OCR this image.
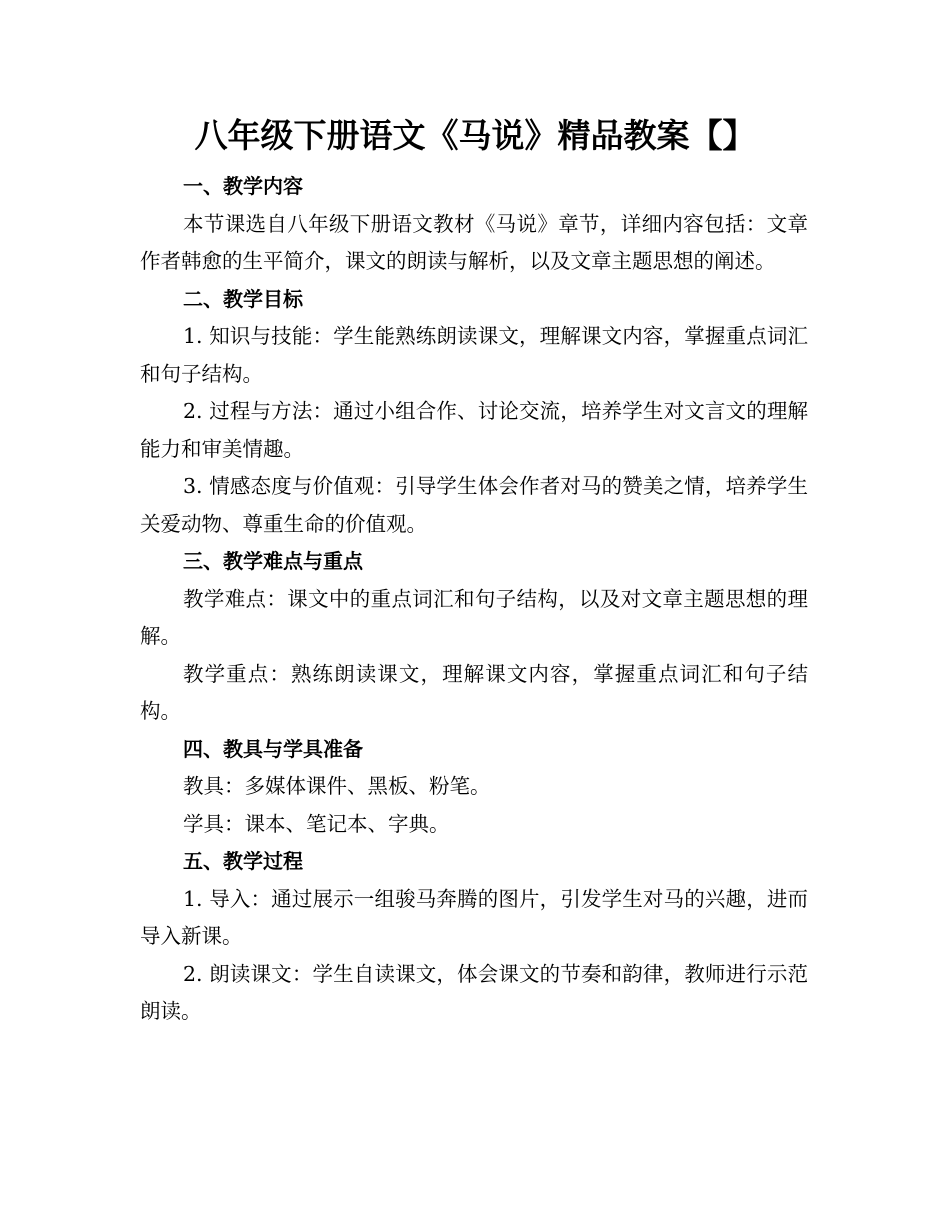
八年级下册语文《马说》精品教案【】

一、教学内容

本节课选自八年级下册语文教材《马说》章节，详细内容包括：文章作者韩愈的生平简介，课文的朗读与解析，以及文章主题思想的阐述。

二、教学目标

1. 知识与技能：学生能熟练朗读课文，理解课文内容，掌握重点词汇和句子结构。

2. 过程与方法：通过小组合作、讨论交流，培养学生对文言文的理解能力和审美情趣。

3. 情感态度与价值观：引导学生体会作者对马的赞美之情，培养学生关爱动物、尊重生命的价值观。

三、教学难点与重点

教学难点：课文中的重点词汇和句子结构，以及对文章主题思想的理解。

教学重点：熟练朗读课文，理解课文内容，掌握重点词汇和句子结构。

四、教具与学具准备

教具：多媒体课件、黑板、粉笔。

学具：课本、笔记本、字典。

五、教学过程

1. 导入：通过展示一组骏马奔腾的图片，引发学生对马的兴趣，进而导入新课。

2. 朗读课文：学生自读课文，体会课文的节奏和韵律，教师进行示范朗读。
